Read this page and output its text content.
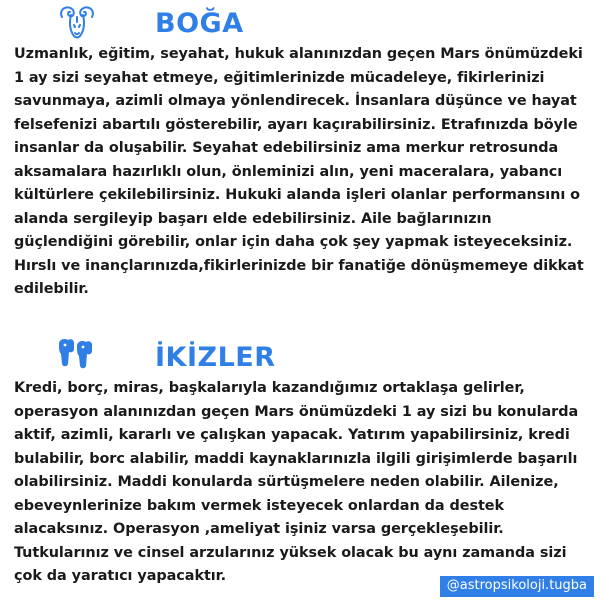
BOĞA

Uzmanlık, eğitim, seyahat, hukuk alanınızdan geçen Mars önümüzdeki 1 ay sizi seyahat etmeye, eğitimlerinizde mücadeleye, fikirlerinizi savunmaya, azimli olmaya yönlendirecek. İnsanlara düşünce ve hayat felsefenizi abartılı gösterebilir, ayarı kaçırabilirsiniz. Etrafınızda böyle insanlar da oluşabilir. Seyahat edebilirsiniz ama merkur retrosunda aksamalara hazırlıklı olun, önleminizi alın, yeni maceralara, yabancı kültürlere çekilebilirsiniz. Hukuki alanda işleri olanlar performansını o alanda sergileyip başarı elde edebilirsiniz. Aile bağlarınızın güçlendiğini görebilir, onlar için daha çok şey yapmak isteyeceksiniz. Hırslı ve inançlarınızda,fikirlerinizde bir fanatiğe dönüşmemeye dikkat edilebilir.

İKİZLER

Kredi, borç, miras, başkalarıyla kazandığımız ortaklaşa gelirler, operasyon alanınızdan geçen Mars önümüzdeki 1 ay sizi bu konularda aktif, azimli, kararlı ve çalışkan yapacak. Yatırım yapabilirsiniz, kredi bulabilir, borc alabilir, maddi kaynaklarınızla ilgili girişimlerde başarılı olabilirsiniz. Maddi konularda sürtüşmelere neden olabilir. Ailenize, ebeveynlerinize bakım vermek isteyecek onlardan da destek alacaksınız. Operasyon ,ameliyat işiniz varsa gerçekleşebilir. Tutkularınız ve cinsel arzularınız yüksek olacak bu aynı zamanda sizi çok da yaratıcı yapacaktır.

@astropsikoloji.tugba
